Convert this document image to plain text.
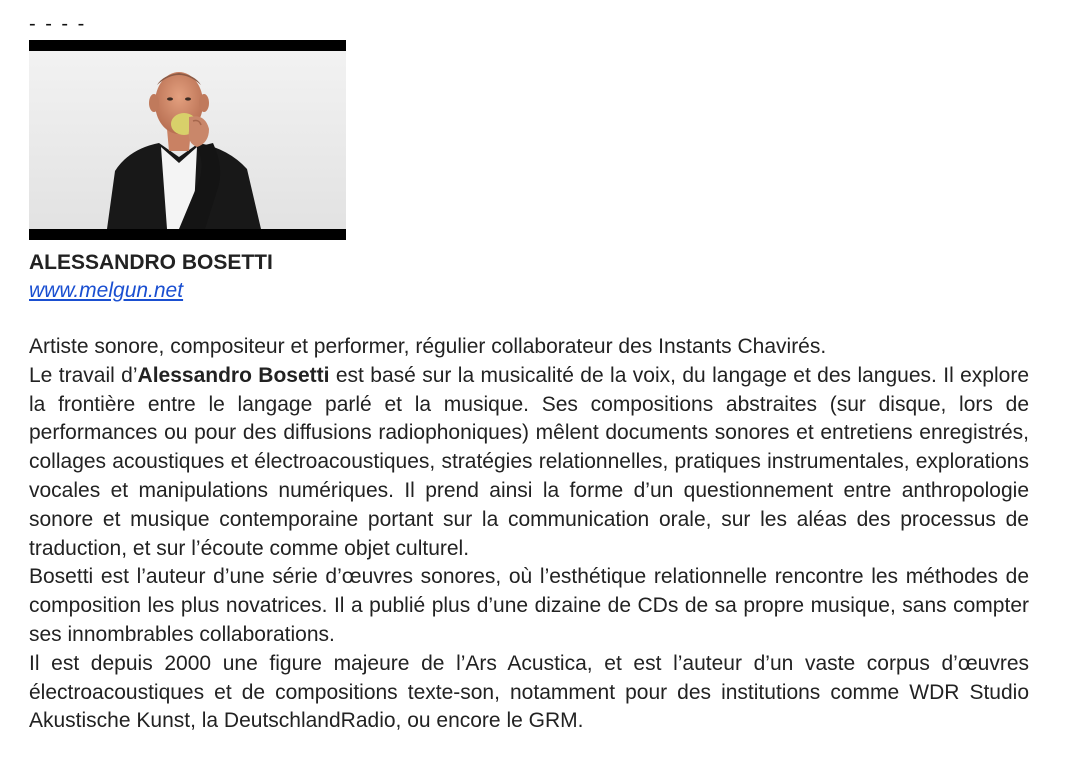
- - - -
ALESSANDRO BOSETTI
www.melgun.net

Artiste sonore, compositeur et performer, régulier collaborateur des Instants Chavirés.

Le travail d’Alessandro Bosetti est basé sur la musicalité de la voix, du langage et des langues. Il explore la frontière entre le langage parlé et la musique. Ses compositions abstraites (sur disque, lors de performances ou pour des diffusions radiophoniques) mêlent documents sonores et entretiens enregistrés, collages acoustiques et électroacoustiques, stratégies relationnelles, pratiques instrumentales, explorations vocales et manipulations numériques. Il prend ainsi la forme d’un questionnement entre anthropologie sonore et musique contemporaine portant sur la communication orale, sur les aléas des processus de traduction, et sur l’écoute comme objet culturel.

Bosetti est l’auteur d’une série d’œuvres sonores, où l’esthétique relationnelle rencontre les méthodes de composition les plus novatrices. Il a publié plus d’une dizaine de CDs de sa propre musique, sans compter ses innombrables collaborations.

Il est depuis 2000 une figure majeure de l’Ars Acustica, et est l’auteur d’un vaste corpus d’œuvres électroacoustiques et de compositions texte-son, notamment pour des institutions comme WDR Studio Akustische Kunst, la DeutschlandRadio, ou encore le GRM.
